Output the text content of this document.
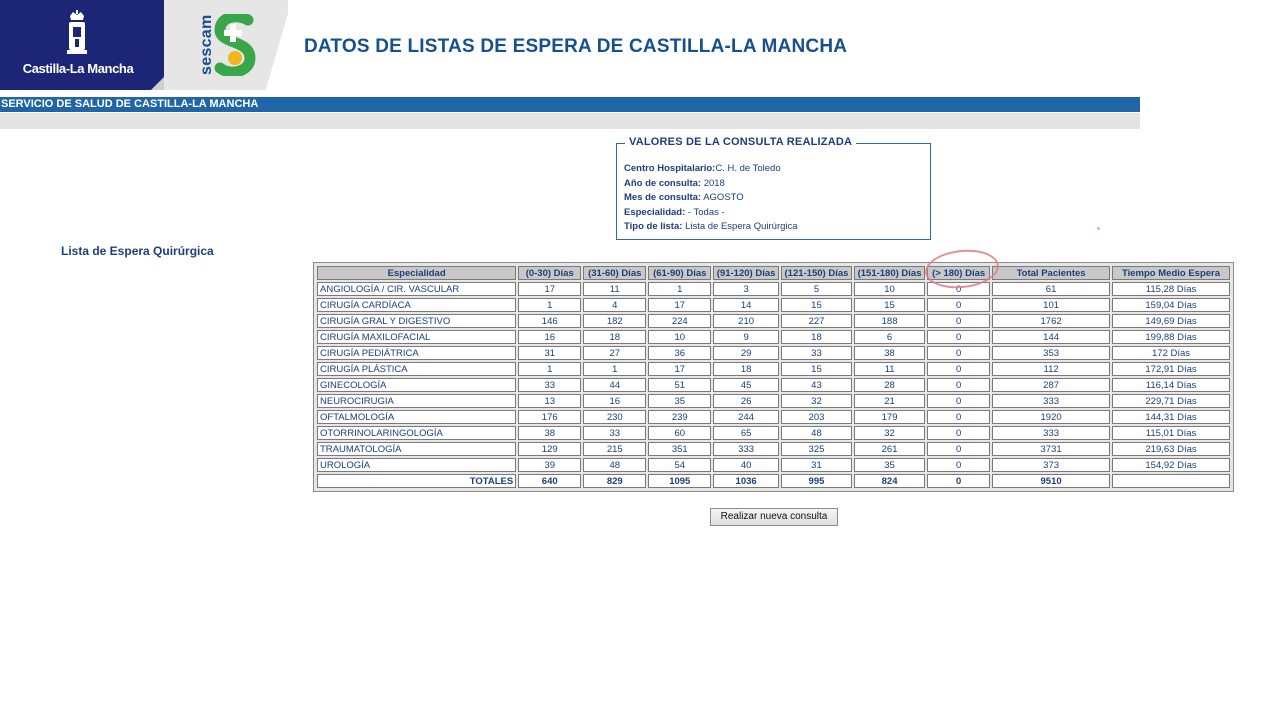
Castilla-La Mancha	sescam	DATOS DE LISTAS DE ESPERA DE CASTILLA-LA MANCHA
SERVICIO DE SALUD DE CASTILLA-LA MANCHA
VALORES DE LA CONSULTA REALIZADA
Centro Hospitalario:C. H. de Toledo
Año de consulta: 2018
Mes de consulta: AGOSTO
Especialidad: - Todas -
Tipo de lista: Lista de Espera Quirúrgica
Lista de Espera Quirúrgica
Especialidad	(0-30) Días	(31-60) Días	(61-90) Días	(91-120) Días	(121-150) Días	(151-180) Días	(> 180) Días	Total Pacientes	Tiempo Medio Espera
ANGIOLOGÍA / CIR. VASCULAR	17	11	1	3	5	10	0	61	115,28 Días
CIRUGÍA CARDÍACA	1	4	17	14	15	15	0	101	159,04 Días
CIRUGÍA GRAL Y DIGESTIVO	146	182	224	210	227	188	0	1762	149,69 Días
CIRUGÍA MAXILOFACIAL	16	18	10	9	18	6	0	144	199,88 Días
CIRUGÍA PEDIÁTRICA	31	27	36	29	33	38	0	353	172 Días
CIRUGÍA PLÁSTICA	1	1	17	18	15	11	0	112	172,91 Días
GINECOLOGÍA	33	44	51	45	43	28	0	287	116,14 Días
NEUROCIRUGIA	13	16	35	26	32	21	0	333	229,71 Días
OFTALMOLOGÍA	176	230	239	244	203	179	0	1920	144,31 Días
OTORRINOLARINGOLOGÍA	38	33	60	65	48	32	0	333	115,01 Días
TRAUMATOLOGÍA	129	215	351	333	325	261	0	3731	219,63 Días
UROLOGÍA	39	48	54	40	31	35	0	373	154,92 Días
TOTALES	640	829	1095	1036	995	824	0	9510	
Realizar nueva consulta
